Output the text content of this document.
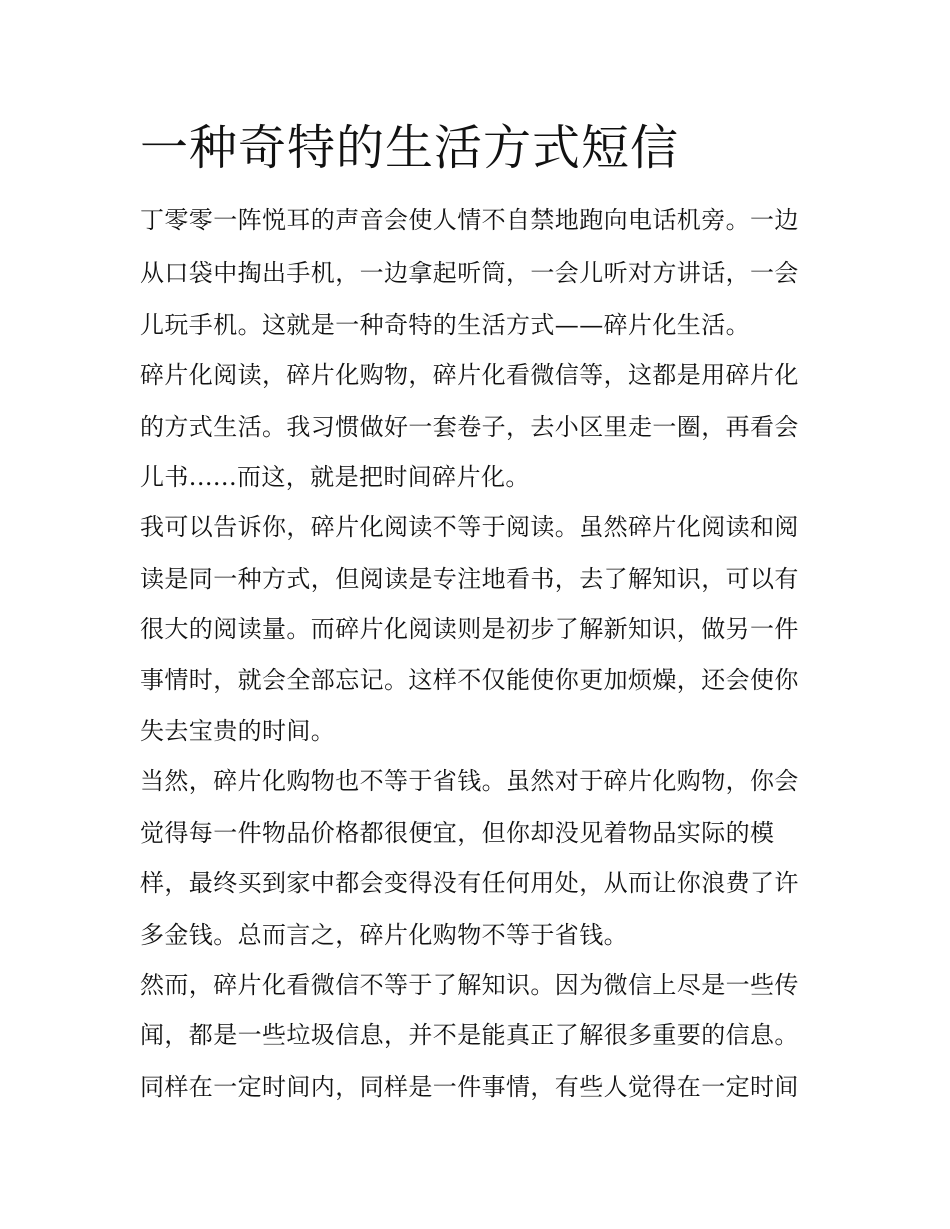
一种奇特的生活方式短信

丁零零一阵悦耳的声音会使人情不自禁地跑向电话机旁。一边

从口袋中掏出手机，一边拿起听筒，一会儿听对方讲话，一会

儿玩手机。这就是一种奇特的生活方式——碎片化生活。

碎片化阅读，碎片化购物，碎片化看微信等，这都是用碎片化

的方式生活。我习惯做好一套卷子，去小区里走一圈，再看会

儿书......而这，就是把时间碎片化。

我可以告诉你，碎片化阅读不等于阅读。虽然碎片化阅读和阅

读是同一种方式，但阅读是专注地看书，去了解知识，可以有

很大的阅读量。而碎片化阅读则是初步了解新知识，做另一件

事情时，就会全部忘记。这样不仅能使你更加烦燥，还会使你

失去宝贵的时间。

当然，碎片化购物也不等于省钱。虽然对于碎片化购物，你会

觉得每一件物品价格都很便宜，但你却没见着物品实际的模

样，最终买到家中都会变得没有任何用处，从而让你浪费了许

多金钱。总而言之，碎片化购物不等于省钱。

然而，碎片化看微信不等于了解知识。因为微信上尽是一些传

闻，都是一些垃圾信息，并不是能真正了解很多重要的信息。

同样在一定时间内，同样是一件事情，有些人觉得在一定时间
